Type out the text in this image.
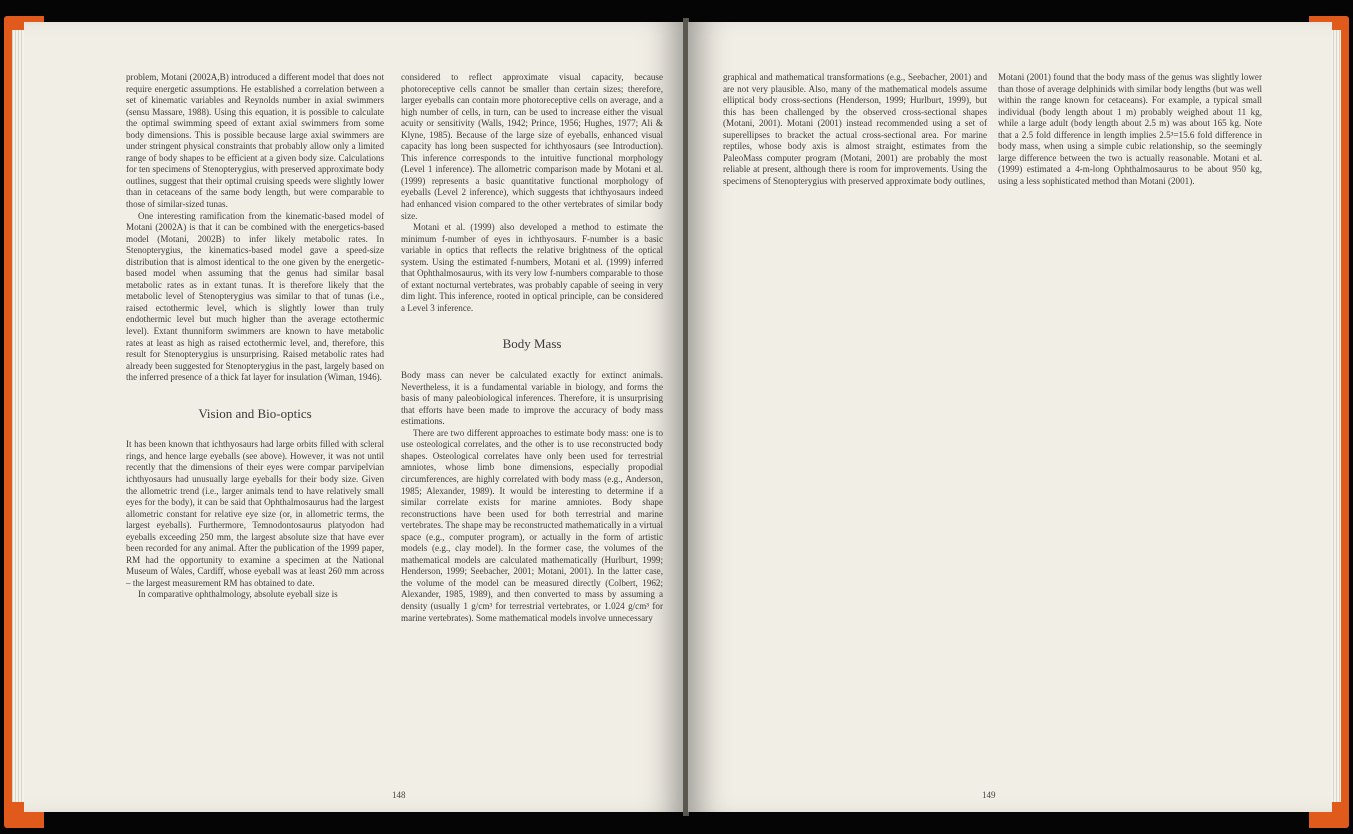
problem, Motani (2002A,B) introduced a different model that does not require energetic assumptions. He established a correlation between a set of kinematic variables and Reynolds number in axial swimmers (sensu Massare, 1988). Using this equation, it is possible to calculate the optimal swimming speed of extant axial swimmers from some body dimensions. This is possible because large axial swimmers are under stringent physical constraints that probably allow only a limited range of body shapes to be efficient at a given body size. Calculations for ten specimens of Stenopterygius, with preserved approximate body outlines, suggest that their optimal cruising speeds were slightly lower than in cetaceans of the same body length, but were comparable to those of similar-sized tunas.

One interesting ramification from the kinematic-based model of Motani (2002A) is that it can be combined with the energetics-based model (Motani, 2002B) to infer likely metabolic rates. In Stenopterygius, the kinematics-based model gave a speed-size distribution that is almost identical to the one given by the energetic-based model when assuming that the genus had similar basal metabolic rates as in extant tunas. It is therefore likely that the metabolic level of Stenopterygius was similar to that of tunas (i.e., raised ectothermic level, which is slightly lower than truly endothermic level but much higher than the average ectothermic level). Extant thunniform swimmers are known to have metabolic rates at least as high as raised ectothermic level, and, therefore, this result for Stenopterygius is unsurprising. Raised metabolic rates had already been suggested for Stenopterygius in the past, largely based on the inferred presence of a thick fat layer for insulation (Wiman, 1946).

Vision and Bio-optics

It has been known that ichthyosaurs had large orbits filled with scleral rings, and hence large eyeballs (see above). However, it was not until recently that the dimensions of their eyes were compar parvipelvian ichthyosaurs had unusually large eyeballs for their body size. Given the allometric trend (i.e., larger animals tend to have relatively small eyes for the body), it can be said that Ophthalmosaurus had the largest allometric constant for relative eye size (or, in allometric terms, the largest eyeballs). Furthermore, Temnodontosaurus platyodon had eyeballs exceeding 250 mm, the largest absolute size that have ever been recorded for any animal. After the publication of the 1999 paper, RM had the opportunity to examine a specimen at the National Museum of Wales, Cardiff, whose eyeball was at least 260 mm across – the largest measurement RM has obtained to date.

In comparative ophthalmology, absolute eyeball size is

considered to reflect approximate visual capacity, because photoreceptive cells cannot be smaller than certain sizes; therefore, larger eyeballs can contain more photoreceptive cells on average, and a high number of cells, in turn, can be used to increase either the visual acuity or sensitivity (Walls, 1942; Prince, 1956; Hughes, 1977; Ali & Klyne, 1985). Because of the large size of eyeballs, enhanced visual capacity has long been suspected for ichthyosaurs (see Introduction). This inference corresponds to the intuitive functional morphology (Level 1 inference). The allometric comparison made by Motani et al. (1999) represents a basic quantitative functional morphology of eyeballs (Level 2 inference), which suggests that ichthyosaurs indeed had enhanced vision compared to the other vertebrates of similar body size.

Motani et al. (1999) also developed a method to estimate the minimum f-number of eyes in ichthyosaurs. F-number is a basic variable in optics that reflects the relative brightness of the optical system. Using the estimated f-numbers, Motani et al. (1999) inferred that Ophthalmosaurus, with its very low f-numbers comparable to those of extant nocturnal vertebrates, was probably capable of seeing in very dim light. This inference, rooted in optical principle, can be considered a Level 3 inference.

Body Mass

Body mass can never be calculated exactly for extinct animals. Nevertheless, it is a fundamental variable in biology, and forms the basis of many paleobiological inferences. Therefore, it is unsurprising that efforts have been made to improve the accuracy of body mass estimations.

There are two different approaches to estimate body mass: one is to use osteological correlates, and the other is to use reconstructed body shapes. Osteological correlates have only been used for terrestrial amniotes, whose limb bone dimensions, especially propodial circumferences, are highly correlated with body mass (e.g., Anderson, 1985; Alexander, 1989). It would be interesting to determine if a similar correlate exists for marine amniotes. Body shape reconstructions have been used for both terrestrial and marine vertebrates. The shape may be reconstructed mathematically in a virtual space (e.g., computer program), or actually in the form of artistic models (e.g., clay model). In the former case, the volumes of the mathematical models are calculated mathematically (Hurlburt, 1999; Henderson, 1999; Seebacher, 2001; Motani, 2001). In the latter case, the volume of the model can be measured directly (Colbert, 1962; Alexander, 1985, 1989), and then converted to mass by assuming a density (usually 1 g/cm³ for terrestrial vertebrates, or 1.024 g/cm³ for marine vertebrates). Some mathematical models involve unnecessary

148

graphical and mathematical transformations (e.g., Seebacher, 2001) and are not very plausible. Also, many of the mathematical models assume elliptical body cross-sections (Henderson, 1999; Hurlburt, 1999), but this has been challenged by the observed cross-sectional shapes (Motani, 2001). Motani (2001) instead recommended using a set of superellipses to bracket the actual cross-sectional area. For marine reptiles, whose body axis is almost straight, estimates from the PaleoMass computer program (Motani, 2001) are probably the most reliable at present, although there is room for improvements. Using the specimens of Stenopterygius with preserved approximate body outlines,

Motani (2001) found that the body mass of the genus was slightly lower than those of average delphinids with similar body lengths (but was well within the range known for cetaceans). For example, a typical small individual (body length about 1 m) probably weighed about 11 kg, while a large adult (body length about 2.5 m) was about 165 kg. Note that a 2.5 fold difference in length implies 2.5³=15.6 fold difference in body mass, when using a simple cubic relationship, so the seemingly large difference between the two is actually reasonable. Motani et al. (1999) estimated a 4-m-long Ophthalmosaurus to be about 950 kg, using a less sophisticated method than Motani (2001).

149
